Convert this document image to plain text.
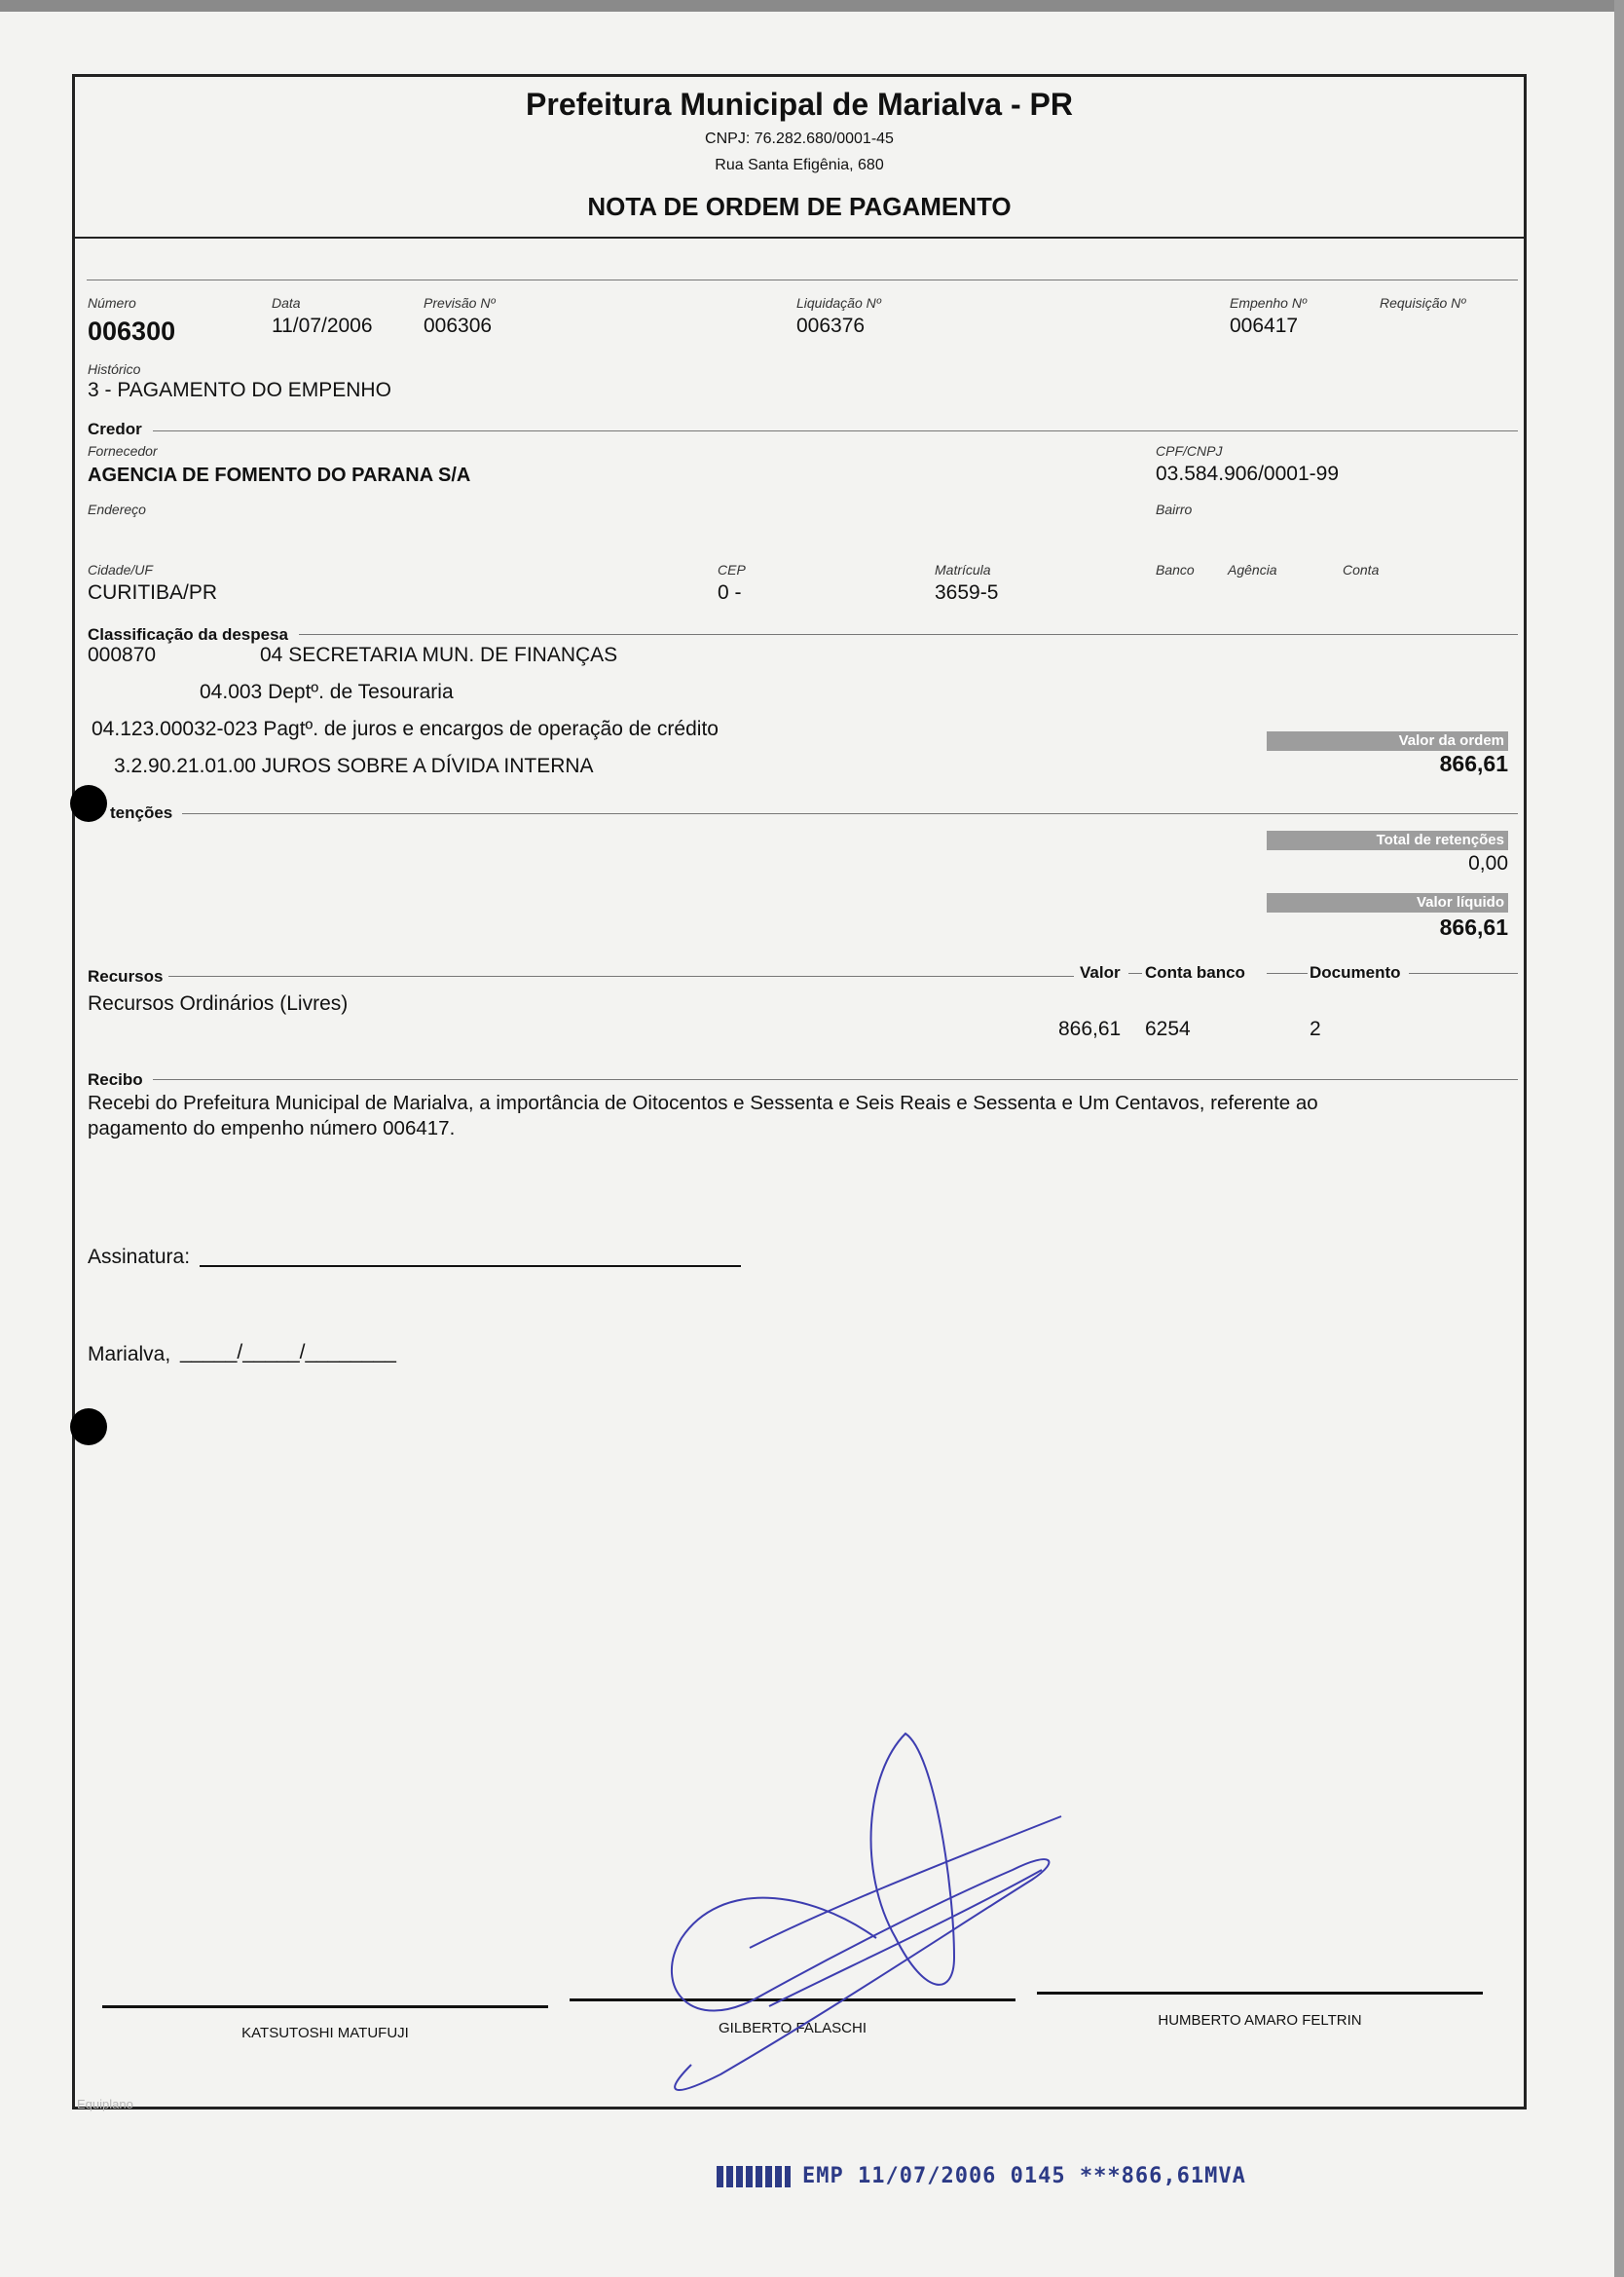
Prefeitura Municipal de Marialva - PR
CNPJ: 76.282.680/0001-45
Rua Santa Efigênia, 680
NOTA DE ORDEM DE PAGAMENTO
Número
006300
Data
11/07/2006
Previsão Nº
006306
Liquidação Nº
006376
Empenho Nº
006417
Requisição Nº
Histórico
3 - PAGAMENTO DO EMPENHO
Credor
Fornecedor
AGENCIA DE FOMENTO DO PARANA S/A
CPF/CNPJ
03.584.906/0001-99
Endereço	Bairro
Cidade/UF
CURITIBA/PR
CEP
0 -
Matrícula
3659-5
Banco Agência	Conta
Classificação da despesa
000870	04 SECRETARIA MUN. DE FINANÇAS
04.003 Deptº. de Tesouraria
04.123.00032-023 Pagtº. de juros e encargos de operação de crédito
3.2.90.21.01.00 JUROS SOBRE A DÍVIDA INTERNA
Valor da ordem
866,61
tenções
Total de retenções
0,00
Valor líquido
866,61
Recursos	Valor Conta banco	Documento
Recursos Ordinários (Livres)
866,61 6254	2
Recibo
Recebi do Prefeitura Municipal de Marialva, a importância de Oitocentos e Sessenta e Seis Reais e Sessenta e Um Centavos, referente ao
pagamento do empenho número 006417.
Assinatura:
Marialva, _____/_____/________
KATSUTOSHI MATUFUJI	GILBERTO FALASCHI	HUMBERTO AMARO FELTRIN
Equiplano
EMP 11/07/2006 0145 ***866,61MVA
